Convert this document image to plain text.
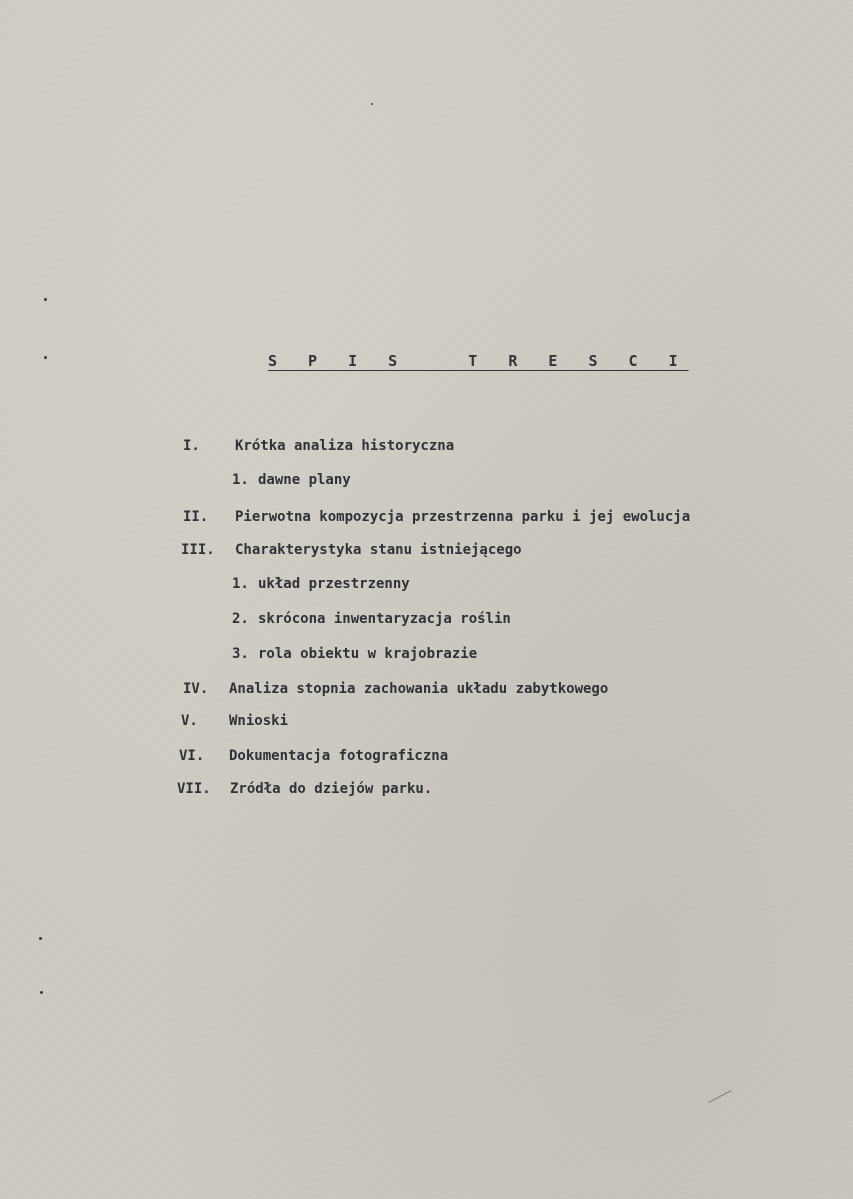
S P I S   T R E S C I
I.	Krótka analiza historyczna
1. dawne plany
II. Pierwotna kompozycja przestrzenna parku i jej ewolucja
III. Charakterystyka stanu istniejącego
1. układ przestrzenny
2. skrócona inwentaryzacja roślin
3. rola obiektu w krajobrazie
IV. Analiza stopnia zachowania układu zabytkowego
V. Wnioski
VI. Dokumentacja fotograficzna
VII. Zródła do dziejów parku.
